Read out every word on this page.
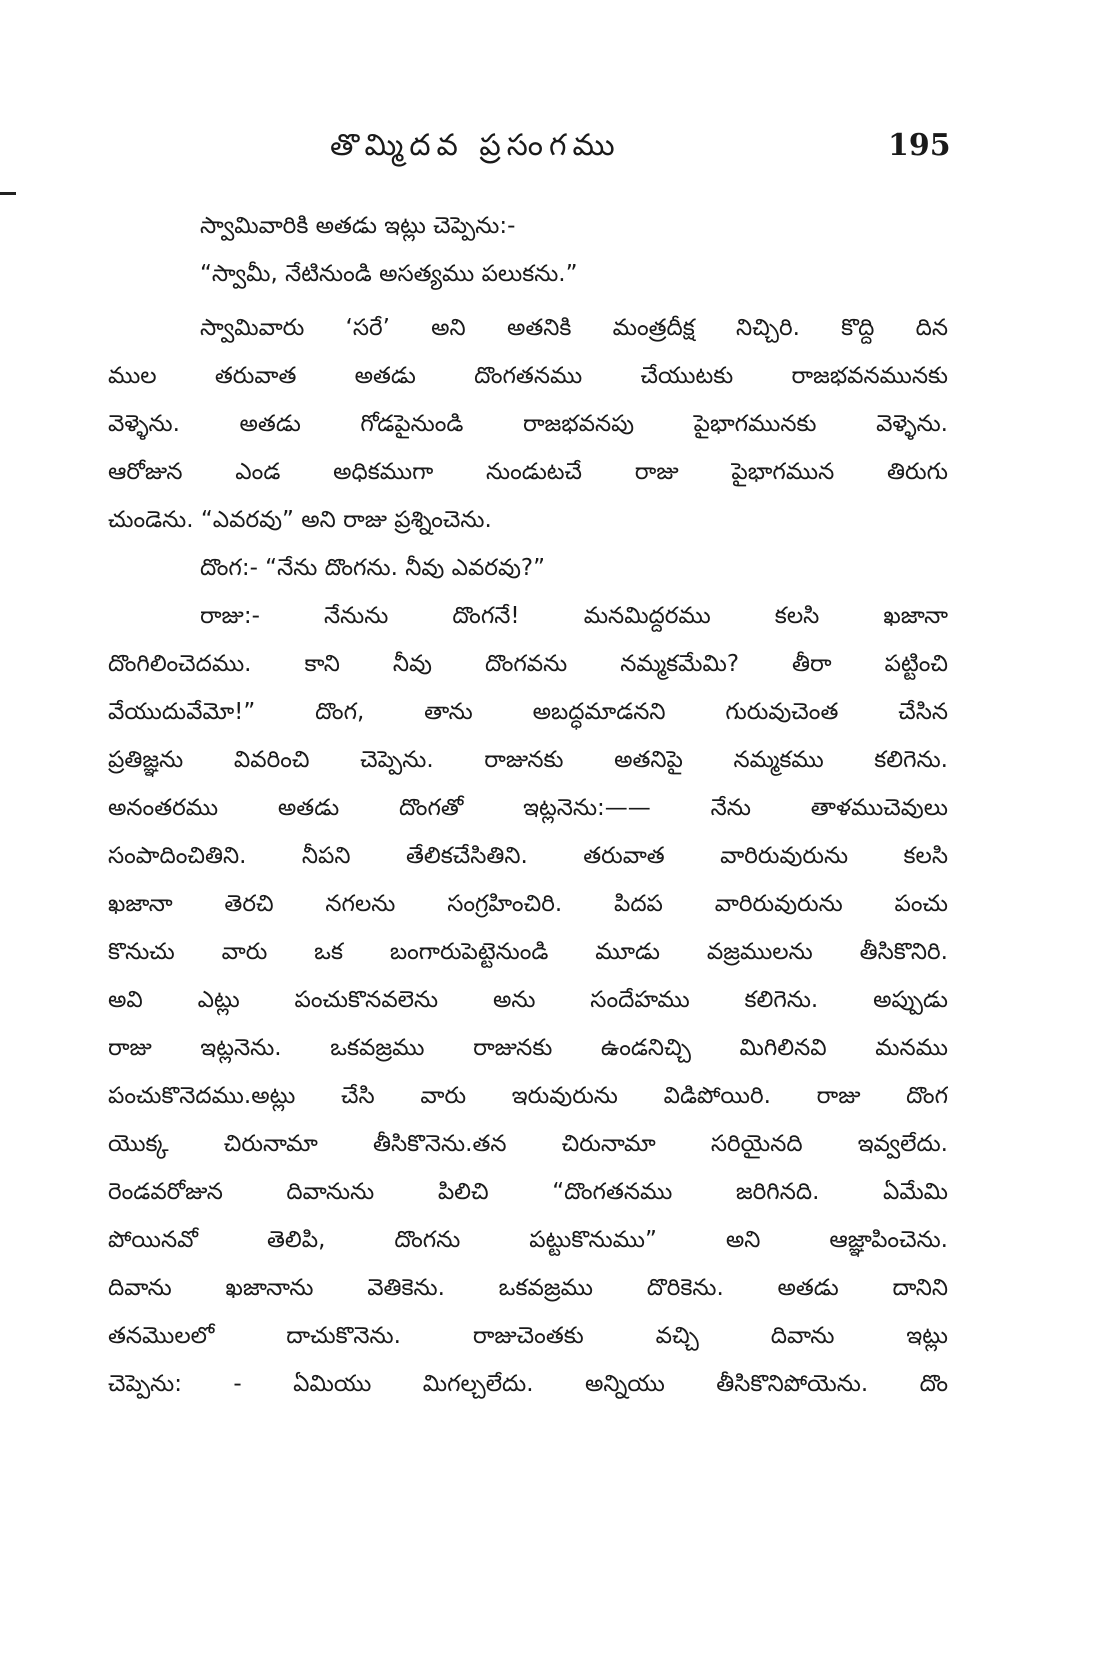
తొమ్మిదవ ప్రసంగము	195
స్వామివారికి అతడు ఇట్లు చెప్పెను:-
“స్వామీ, నేటినుండి అసత్యము పలుకను.”
స్వామివారు ‘సరే’ అని అతనికి మంత్రదీక్ష నిచ్చిరి. కొద్ది దిన
ముల తరువాత అతడు దొంగతనము చేయుటకు రాజభవనమునకు
వెళ్ళెను. అతడు గోడపైనుండి రాజభవనపు పైభాగమునకు వెళ్ళెను.
ఆరోజున ఎండ అధికముగా నుండుటచే రాజు పైభాగమున తిరుగు
చుండెను. “ఎవరవు” అని రాజు ప్రశ్నించెను.
దొంగ:- “నేను దొంగను. నీవు ఎవరవు?”
రాజు:- నేనును దొంగనే! మనమిద్దరము కలసి ఖజానా
దొంగిలించెదము. కాని నీవు దొంగవను నమ్మకమేమి? తీరా పట్టించి
వేయుదువేమో!” దొంగ, తాను అబద్ధమాడనని గురువుచెంత చేసిన
ప్రతిజ్ఞను వివరించి చెప్పెను. రాజునకు అతనిపై నమ్మకము కలిగెను.
అనంతరము అతడు దొంగతో ఇట్లనెను:—— నేను తాళముచెవులు
సంపాదించితిని. నీపని తేలికచేసితిని. తరువాత వారిరువురును కలసి
ఖజానా తెరచి నగలను సంగ్రహించిరి. పిదప వారిరువురును పంచు
కొనుచు వారు ఒక బంగారుపెట్టెనుండి మూడు వజ్రములను తీసికొనిరి.
అవి ఎట్లు పంచుకొనవలెను అను సందేహము కలిగెను. అప్పుడు
రాజు ఇట్లనెను. ఒకవజ్రము రాజునకు ఉండనిచ్చి మిగిలినవి మనము
పంచుకొనెదము.అట్లు చేసి వారు ఇరువురును విడిపోయిరి. రాజు దొంగ
యొక్క చిరునామా తీసికొనెను.తన చిరునామా సరియైనది ఇవ్వలేదు.
రెండవరోజున దివానును పిలిచి “దొంగతనము జరిగినది. ఏమేమి
పోయినవో తెలిపి, దొంగను పట్టుకొనుము” అని ఆజ్ఞాపించెను.
దివాను ఖజానాను వెతికెను. ఒకవజ్రము దొరికెను. అతడు దానిని
తనమొలలో దాచుకొనెను. రాజుచెంతకు వచ్చి దివాను ఇట్లు
చెప్పెను: - ఏమియు మిగల్చలేదు. అన్నియు తీసికొనిపోయెను. దొం
